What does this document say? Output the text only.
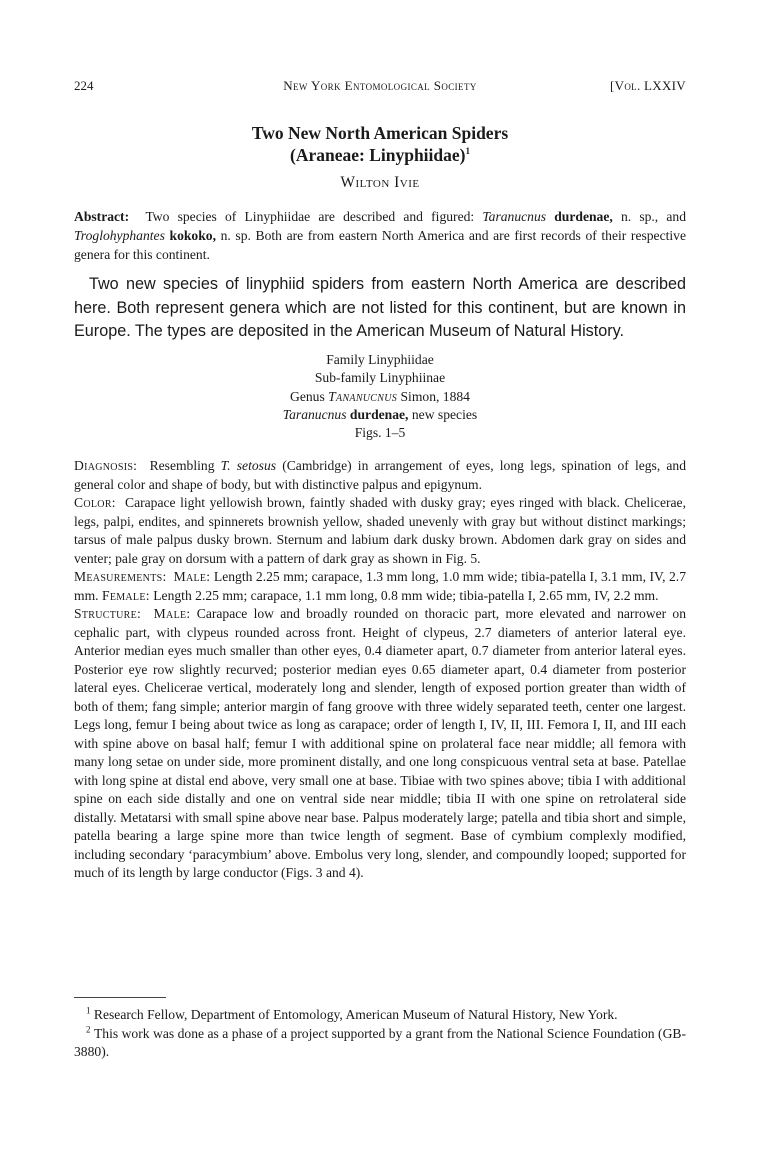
224	New York Entomological Society	[Vol. LXXIV
Two New North American Spiders
(Araneae: Linyphiidae)$^1$
Wilton Ivie
Abstract: Two species of Linyphiidae are described and figured: Taranucnus durdenae, n. sp., and Troglohyphantes kokoko, n. sp. Both are from eastern North America and are first records of their respective genera for this continent.
Two new species of linyphiid spiders from eastern North America are described here. Both represent genera which are not listed for this continent, but are known in Europe. The types are deposited in the American Museum of Natural History.
Family Linyphiidae
Sub-family Linyphiinae
Genus Tananucnus Simon, 1884
Taranucnus durdenae, new species
Figs. 1–5

Diagnosis: Resembling T. setosus (Cambridge) in arrangement of eyes, long legs, spination of legs, and general color and shape of body, but with distinctive palpus and epigynum.

Color: Carapace light yellowish brown, faintly shaded with dusky gray; eyes ringed with black. Chelicerae, legs, palpi, endites, and spinnerets brownish yellow, shaded unevenly with gray but without distinct markings; tarsus of male palpus dusky brown. Sternum and labium dark dusky brown. Abdomen dark gray on sides and venter; pale gray on dorsum with a pattern of dark gray as shown in Fig. 5.

Measurements: Male: Length 2.25 mm; carapace, 1.3 mm long, 1.0 mm wide; tibia-patella I, 3.1 mm, IV, 2.7 mm. Female: Length 2.25 mm; carapace, 1.1 mm long, 0.8 mm wide; tibia-patella I, 2.65 mm, IV, 2.2 mm.

Structure: Male: Carapace low and broadly rounded on thoracic part, more elevated and narrower on cephalic part, with clypeus rounded across front. Height of clypeus, 2.7 diameters of anterior lateral eye. Anterior median eyes much smaller than other eyes, 0.4 diameter apart, 0.7 diameter from anterior lateral eyes. Posterior eye row slightly recurved; posterior median eyes 0.65 diameter apart, 0.4 diameter from posterior lateral eyes. Chelicerae vertical, moderately long and slender, length of exposed portion greater than width of both of them; fang simple; anterior margin of fang groove with three widely separated teeth, center one largest. Legs long, femur I being about twice as long as carapace; order of length I, IV, II, III. Femora I, II, and III each with spine above on basal half; femur I with additional spine on prolateral face near middle; all femora with many long setae on under side, more prominent distally, and one long conspicuous ventral seta at base. Patellae with long spine at distal end above, very small one at base. Tibiae with two spines above; tibia I with additional spine on each side distally and one on ventral side near middle; tibia II with one spine on retrolateral side distally. Metatarsi with small spine above near base. Palpus moderately large; patella and tibia short and simple, patella bearing a large spine more than twice length of segment. Base of cymbium complexly modified, including secondary ‘paracymbium’ above. Embolus very long, slender, and compoundly looped; supported for much of its length by large conductor (Figs. 3 and 4).

$^1$ Research Fellow, Department of Entomology, American Museum of Natural History, New York.

$^2$ This work was done as a phase of a project supported by a grant from the National Science Foundation (GB-3880).
